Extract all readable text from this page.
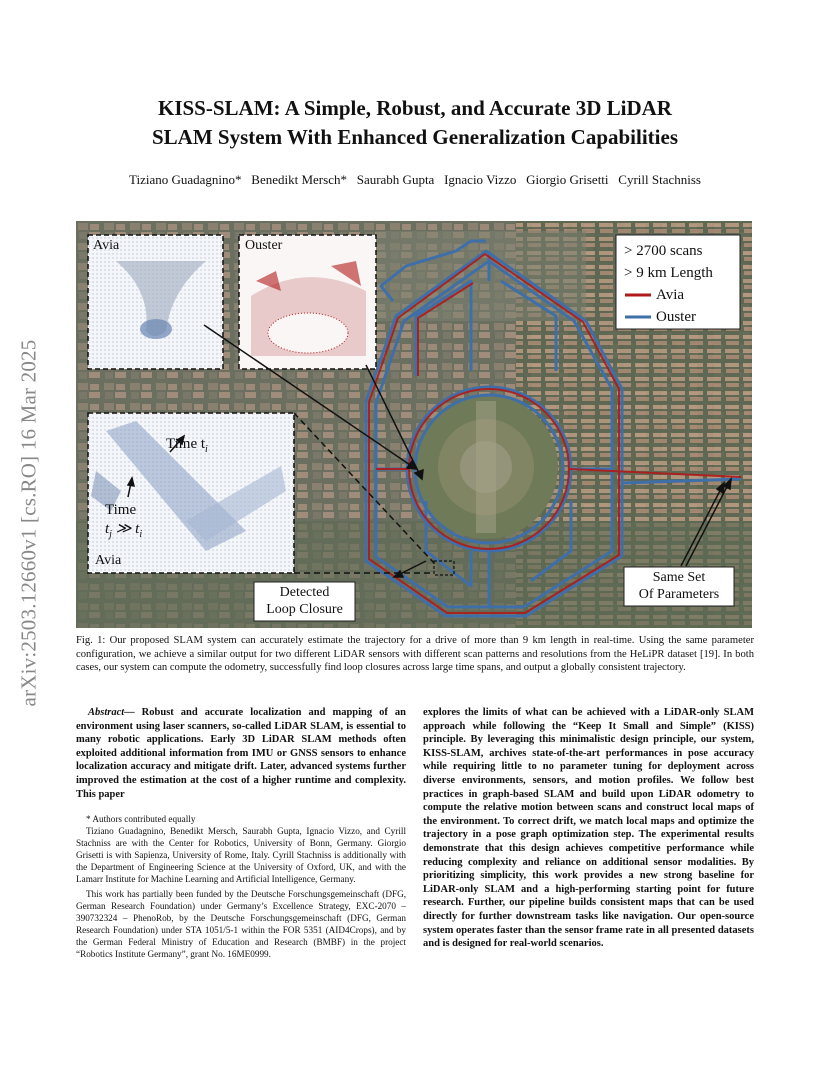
arXiv:2503.12660v1 [cs.RO] 16 Mar 2025
KISS-SLAM: A Simple, Robust, and Accurate 3D LiDAR
SLAM System With Enhanced Generalization Capabilities
Tiziano Guadagnino*   Benedikt Mersch*   Saurabh Gupta   Ignacio Vizzo   Giorgio Grisetti   Cyrill Stachniss
Avia	Ouster
Avia
Time $t_i$
Time
$t_j$ ≫ $t_i$
> 2700 scans
> 9 km Length
Avia
Ouster
Detected
Loop Closure
Same Set
Of Parameters
Fig. 1: Our proposed SLAM system can accurately estimate the trajectory for a drive of more than 9 km length in real-time. Using the same parameter configuration, we achieve a similar output for two different LiDAR sensors with different scan patterns and resolutions from the HeLiPR dataset [19]. In both cases, our system can compute the odometry, successfully find loop closures across large time spans, and output a globally consistent trajectory.

Abstract— Robust and accurate localization and mapping of an environment using laser scanners, so-called LiDAR SLAM, is essential to many robotic applications. Early 3D LiDAR SLAM methods often exploited additional information from IMU or GNSS sensors to enhance localization accuracy and mitigate drift. Later, advanced systems further improved the estimation at the cost of a higher runtime and complexity. This paper

* Authors contributed equally

Tiziano Guadagnino, Benedikt Mersch, Saurabh Gupta, Ignacio Vizzo, and Cyrill Stachniss are with the Center for Robotics, University of Bonn, Germany. Giorgio Grisetti is with Sapienza, University of Rome, Italy. Cyrill Stachniss is additionally with the Department of Engineering Science at the University of Oxford, UK, and with the Lamarr Institute for Machine Learning and Artificial Intelligence, Germany.

This work has partially been funded by the Deutsche Forschungsgemeinschaft (DFG, German Research Foundation) under Germany’s Excellence Strategy, EXC-2070 – 390732324 – PhenoRob, by the Deutsche Forschungsgemeinschaft (DFG, German Research Foundation) under STA 1051/5-1 within the FOR 5351 (AID4Crops), and by the German Federal Ministry of Education and Research (BMBF) in the project “Robotics Institute Germany”, grant No. 16ME0999.

explores the limits of what can be achieved with a LiDAR-only SLAM approach while following the “Keep It Small and Simple” (KISS) principle. By leveraging this minimalistic design principle, our system, KISS-SLAM, archives state-of-the-art performances in pose accuracy while requiring little to no parameter tuning for deployment across diverse environments, sensors, and motion profiles. We follow best practices in graph-based SLAM and build upon LiDAR odometry to compute the relative motion between scans and construct local maps of the environment. To correct drift, we match local maps and optimize the trajectory in a pose graph optimization step. The experimental results demonstrate that this design achieves competitive performance while reducing complexity and reliance on additional sensor modalities. By prioritizing simplicity, this work provides a new strong baseline for LiDAR-only SLAM and a high-performing starting point for future research. Further, our pipeline builds consistent maps that can be used directly for further downstream tasks like navigation. Our open-source system operates faster than the sensor frame rate in all presented datasets and is designed for real-world scenarios.
